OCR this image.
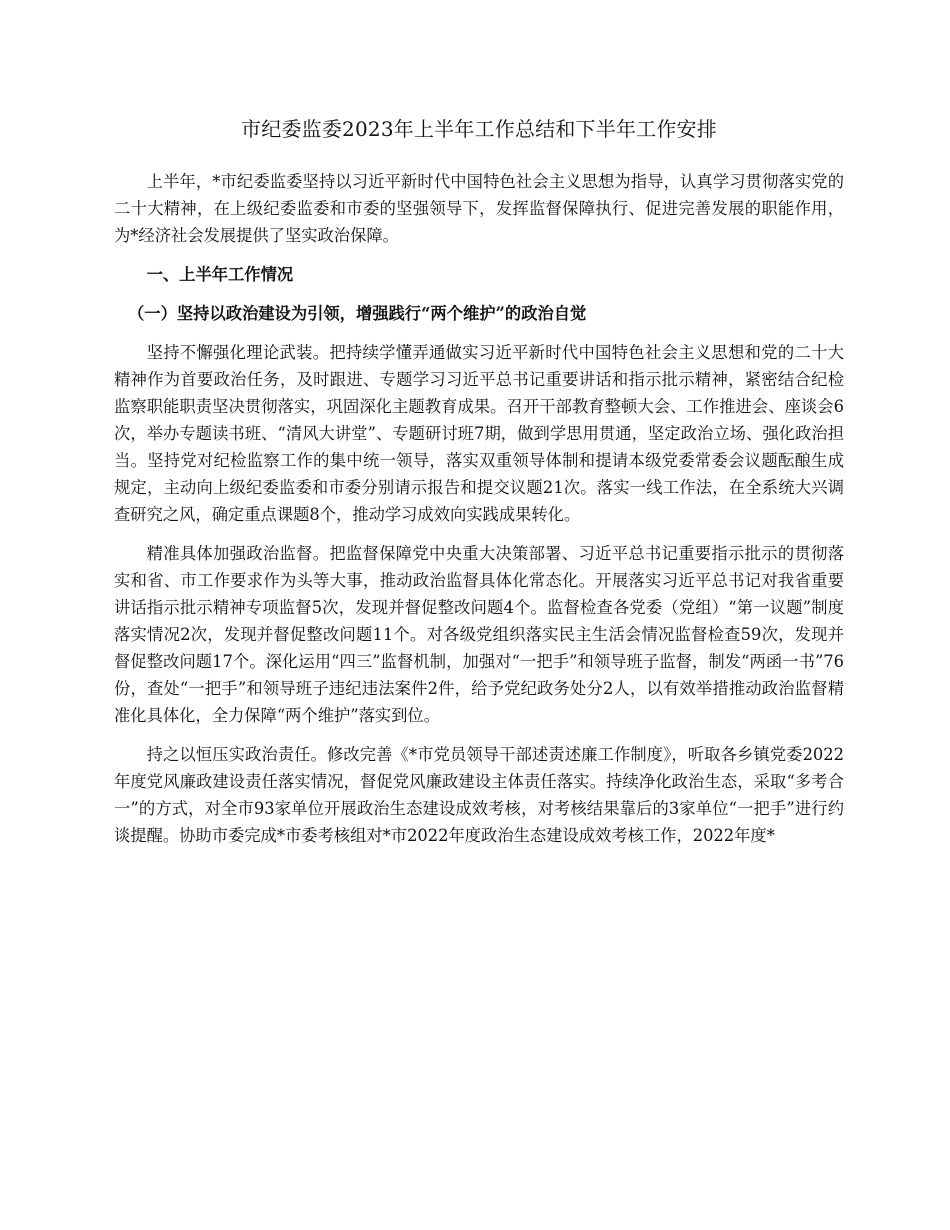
市纪委监委2023年上半年工作总结和下半年工作安排

上半年，*市纪委监委坚持以习近平新时代中国特色社会主义思想为指导，认真学习贯彻落实党的二十大精神，在上级纪委监委和市委的坚强领导下，发挥监督保障执行、促进完善发展的职能作用，为*经济社会发展提供了坚实政治保障。

一、上半年工作情况

（一）坚持以政治建设为引领，增强践行“两个维护”的政治自觉

坚持不懈强化理论武装。把持续学懂弄通做实习近平新时代中国特色社会主义思想和党的二十大精神作为首要政治任务，及时跟进、专题学习习近平总书记重要讲话和指示批示精神，紧密结合纪检监察职能职责坚决贯彻落实，巩固深化主题教育成果。召开干部教育整顿大会、工作推进会、座谈会6次，举办专题读书班、“清风大讲堂”、专题研讨班7期，做到学思用贯通，坚定政治立场、强化政治担当。坚持党对纪检监察工作的集中统一领导，落实双重领导体制和提请本级党委常委会议题酝酿生成规定，主动向上级纪委监委和市委分别请示报告和提交议题21次。落实一线工作法，在全系统大兴调查研究之风，确定重点课题8个，推动学习成效向实践成果转化。

精准具体加强政治监督。把监督保障党中央重大决策部署、习近平总书记重要指示批示的贯彻落实和省、市工作要求作为头等大事，推动政治监督具体化常态化。开展落实习近平总书记对我省重要讲话指示批示精神专项监督5次，发现并督促整改问题4个。监督检查各党委（党组）“第一议题”制度落实情况2次，发现并督促整改问题11个。对各级党组织落实民主生活会情况监督检查59次，发现并督促整改问题17个。深化运用“四三”监督机制，加强对“一把手”和领导班子监督，制发“两函一书”76份，查处“一把手”和领导班子违纪违法案件2件，给予党纪政务处分2人，以有效举措推动政治监督精准化具体化，全力保障“两个维护”落实到位。

持之以恒压实政治责任。修改完善《*市党员领导干部述责述廉工作制度》，听取各乡镇党委2022年度党风廉政建设责任落实情况，督促党风廉政建设主体责任落实。持续净化政治生态，采取“多考合一”的方式，对全市93家单位开展政治生态建设成效考核，对考核结果靠后的3家单位“一把手”进行约谈提醒。协助市委完成*市委考核组对*市2022年度政治生态建设成效考核工作，2022年度*
